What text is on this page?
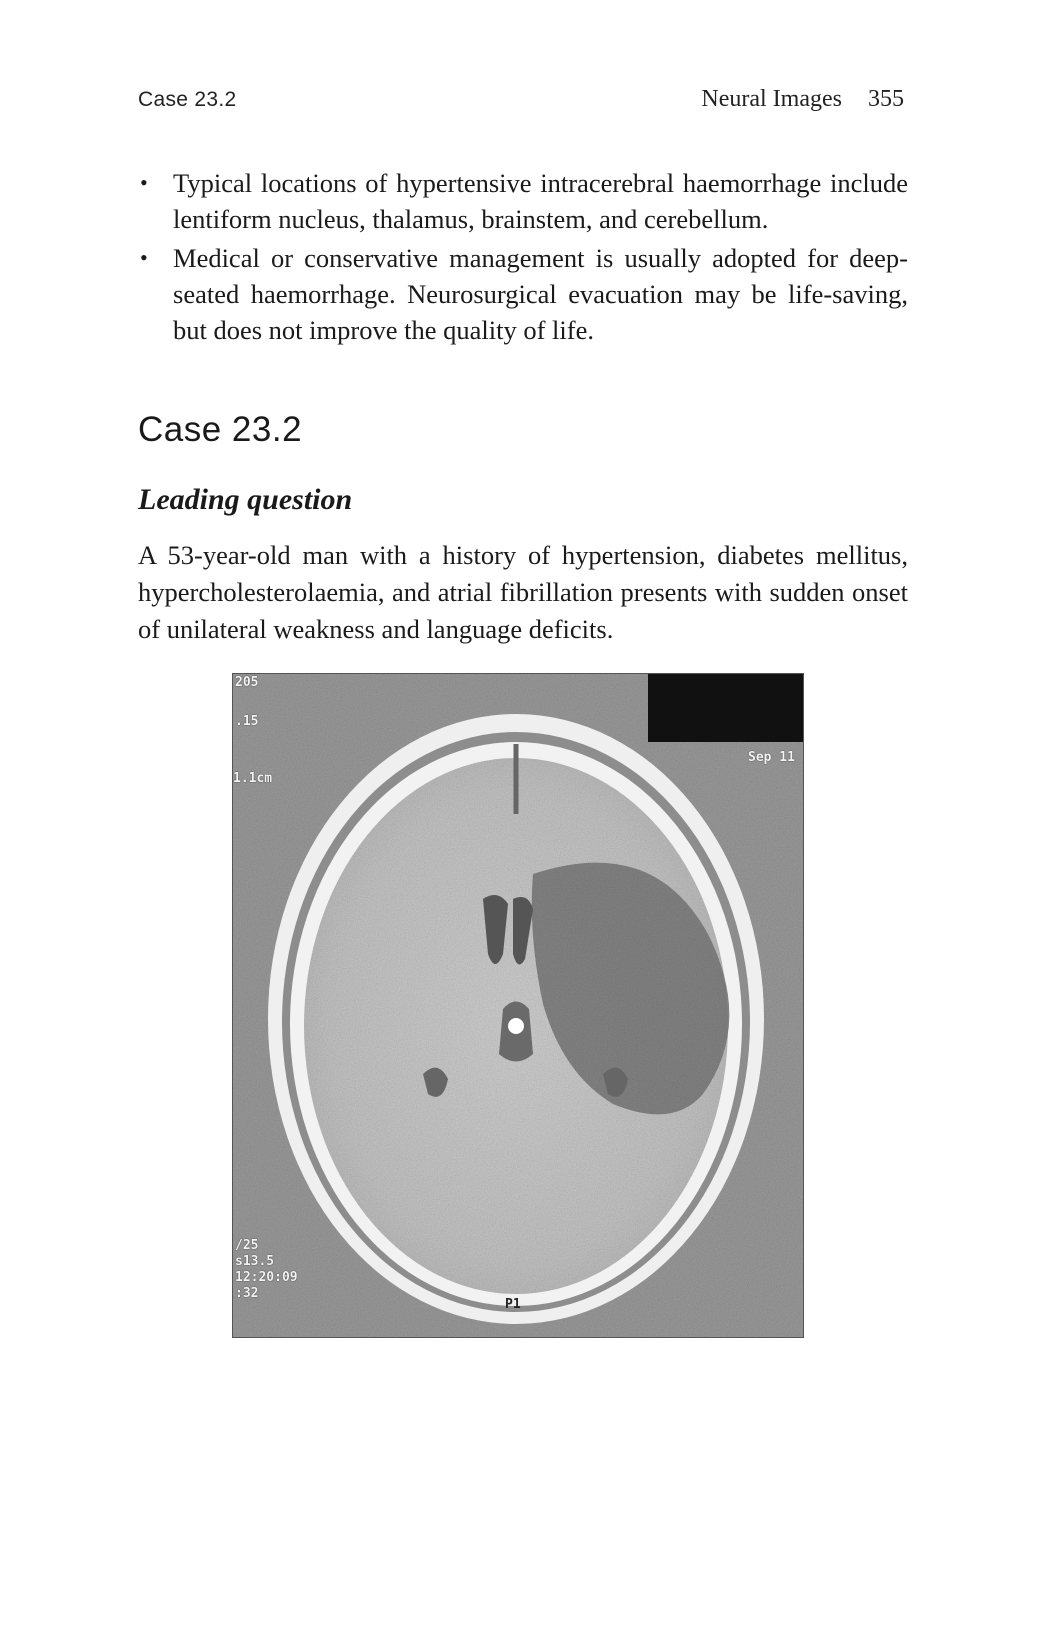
Case 23.2	Neural Images 355
• Typical locations of hypertensive intracerebral haemorrhage include lentiform nucleus, thalamus, brainstem, and cerebellum.
• Medical or conservative management is usually adopted for deep-seated haemorrhage. Neurosurgical evacuation may be life-saving, but does not improve the quality of life.
Case 23.2
Leading question

A 53-year-old man with a history of hypertension, diabetes mellitus, hypercholesterolaemia, and atrial fibrillation presents with sudden onset of unilateral weakness and language deficits.

205
.15
1.1cm
Sep 11
/25
s13.5
12:20:09
:32
P1
